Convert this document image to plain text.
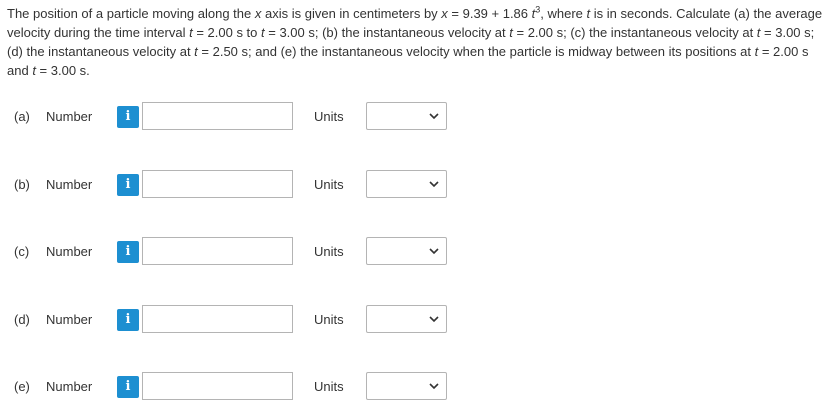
The position of a particle moving along the x axis is given in centimeters by x = 9.39 + 1.86 $t^3$, where t is in seconds. Calculate (a) the average velocity during the time interval t = 2.00 s to t = 3.00 s; (b) the instantaneous velocity at t = 2.00 s; (c) the instantaneous velocity at t = 3.00 s; (d) the instantaneous velocity at t = 2.50 s; and (e) the instantaneous velocity when the particle is midway between its positions at t = 2.00 s and t = 3.00 s.

(a) Number	i	Units
(b) Number	i	Units
(c) Number	i	Units
(d) Number	i	Units
(e) Number	i	Units
